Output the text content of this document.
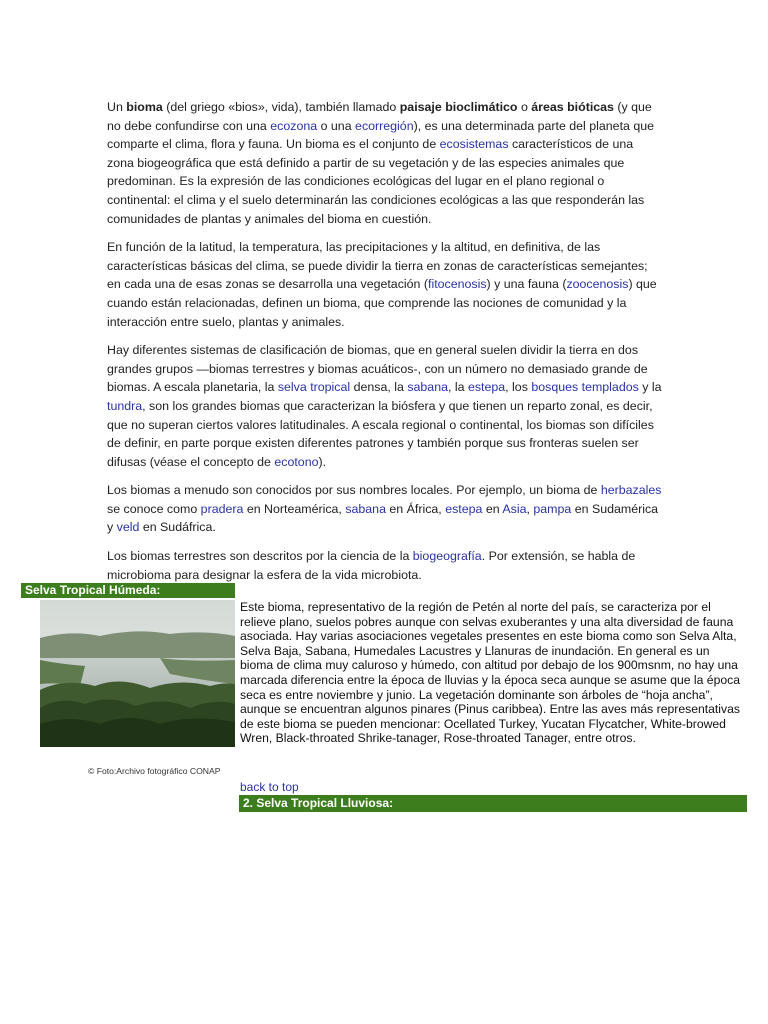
Un bioma (del griego «bios», vida), también llamado paisaje bioclimático o áreas bióticas (y que no debe confundirse con una ecozona o una ecorregión), es una determinada parte del planeta que comparte el clima, flora y fauna. Un bioma es el conjunto de ecosistemas característicos de una zona biogeográfica que está definido a partir de su vegetación y de las especies animales que predominan. Es la expresión de las condiciones ecológicas del lugar en el plano regional o continental: el clima y el suelo determinarán las condiciones ecológicas a las que responderán las comunidades de plantas y animales del bioma en cuestión.

En función de la latitud, la temperatura, las precipitaciones y la altitud, en definitiva, de las características básicas del clima, se puede dividir la tierra en zonas de características semejantes; en cada una de esas zonas se desarrolla una vegetación (fitocenosis) y una fauna (zoocenosis) que cuando están relacionadas, definen un bioma, que comprende las nociones de comunidad y la interacción entre suelo, plantas y animales.

Hay diferentes sistemas de clasificación de biomas, que en general suelen dividir la tierra en dos grandes grupos —biomas terrestres y biomas acuáticos-, con un número no demasiado grande de biomas. A escala planetaria, la selva tropical densa, la sabana, la estepa, los bosques templados y la tundra, son los grandes biomas que caracterizan la biósfera y que tienen un reparto zonal, es decir, que no superan ciertos valores latitudinales. A escala regional o continental, los biomas son difíciles de definir, en parte porque existen diferentes patrones y también porque sus fronteras suelen ser difusas (véase el concepto de ecotono).

Los biomas a menudo son conocidos por sus nombres locales. Por ejemplo, un bioma de herbazales se conoce como pradera en Norteamérica, sabana en África, estepa en Asia, pampa en Sudamérica y veld en Sudáfrica.

Los biomas terrestres son descritos por la ciencia de la biogeografía. Por extensión, se habla de microbioma para designar la esfera de la vida microbiota.

Selva Tropical Húmeda:
© Foto:Archivo fotográfico CONAP
Este bioma, representativo de la región de Petén al norte del país, se caracteriza por el relieve plano, suelos pobres aunque con selvas exuberantes y una alta diversidad de fauna asociada. Hay varias asociaciones vegetales presentes en este bioma como son Selva Alta, Selva Baja, Sabana, Humedales Lacustres y Llanuras de inundación. En general es un bioma de clima muy caluroso y húmedo, con altitud por debajo de los 900msnm, no hay una marcada diferencia entre la época de lluvias y la época seca aunque se asume que la época seca es entre noviembre y junio. La vegetación dominante son árboles de “hoja ancha”, aunque se encuentran algunos pinares (Pinus caribbea). Entre las aves más representativas de este bioma se pueden mencionar: Ocellated Turkey, Yucatan Flycatcher, White-browed Wren, Black-throated Shrike-tanager, Rose-throated Tanager, entre otros.
back to top
2. Selva Tropical Lluviosa:
